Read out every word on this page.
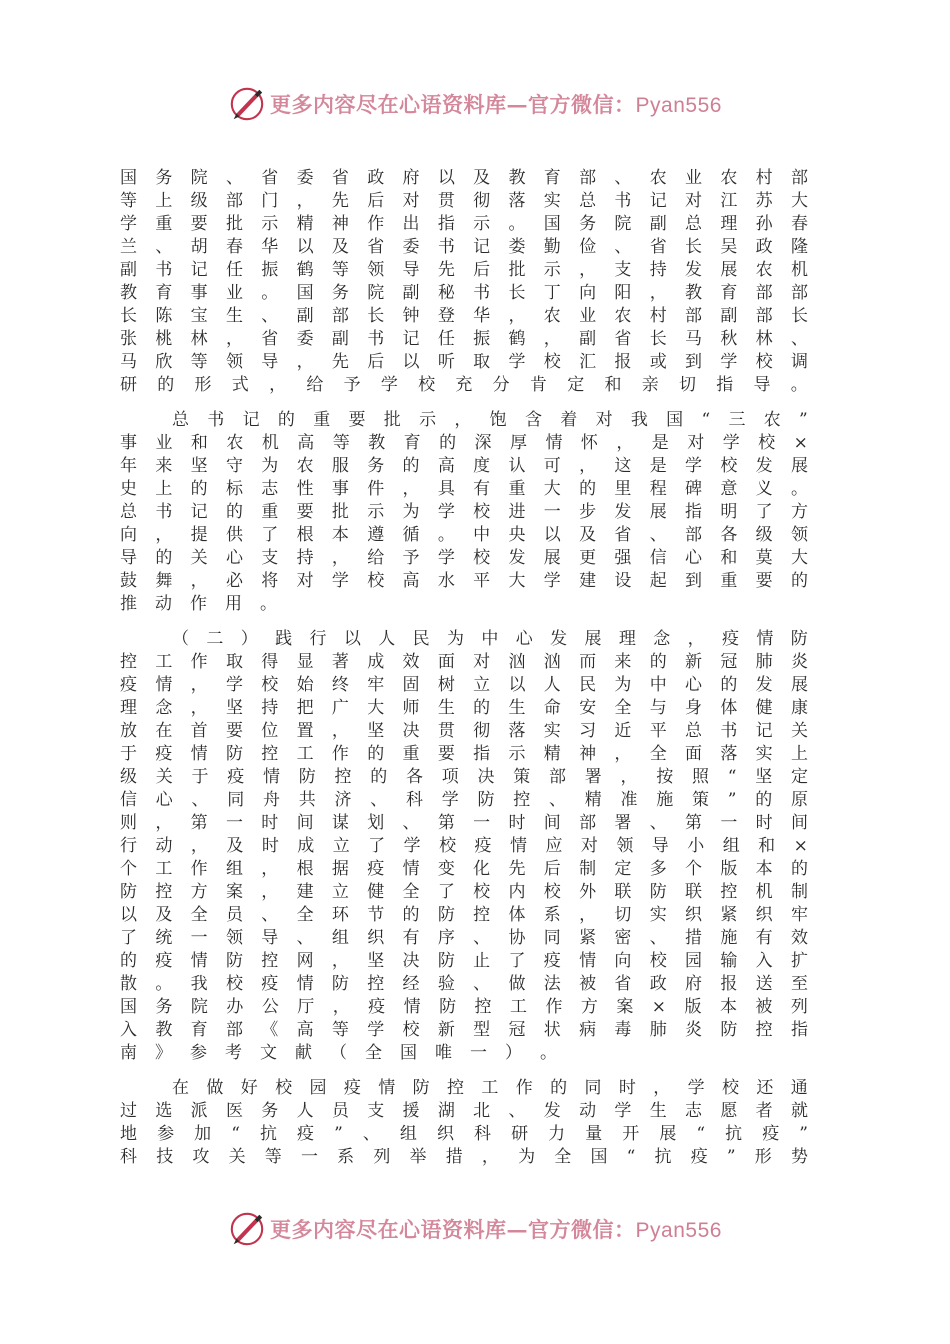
更多内容尽在心语资料库—官方微信：Pyan556
国 务 院 、 省 委 省 政 府 以 及 教 育 部 、 农 业 农 村 部
等 上 级 部 门 ， 先 后 对 贯 彻 落 实 总 书 记 对 江 苏 大
学 重 要 批 示 精 神 作 出 指 示 。 国 务 院 副 总 理 孙 春
兰 、 胡 春 华 以 及 省 委 书 记 娄 勤 俭 、 省 长 吴 政 隆
副 书 记 任 振 鹤 等 领 导 先 后 批 示 ， 支 持 发 展 农 机
教 育 事 业 。 国 务 院 副 秘 书 长 丁 向 阳 ， 教 育 部 部
长 陈 宝 生 、 副 部 长 钟 登 华 ， 农 业 农 村 部 副 部 长
张 桃 林 ， 省 委 副 书 记 任 振 鹤 ， 副 省 长 马 秋 林 、
马 欣 等 领 导 ， 先 后 以 听 取 学 校 汇 报 或 到 学 校 调
研 的 形 式 ， 给 予 学 校 充 分 肯 定 和 亲 切 指 导 。
总 书 记 的 重 要 批 示 ， 饱 含 着 对 我 国 “ 三 农 ”
事 业 和 农 机 高 等 教 育 的 深 厚 情 怀 ， 是 对 学 校 ×
年 来 坚 守 为 农 服 务 的 高 度 认 可 ， 这 是 学 校 发 展
史 上 的 标 志 性 事 件 ， 具 有 重 大 的 里 程 碑 意 义 。
总 书 记 的 重 要 批 示 为 学 校 进 一 步 发 展 指 明 了 方
向 ， 提 供 了 根 本 遵 循 。 中 央 以 及 省 、 部 各 级 领
导 的 关 心 支 持 ， 给 予 学 校 发 展 更 强 信 心 和 莫 大
鼓 舞 ， 必 将 对 学 校 高 水 平 大 学 建 设 起 到 重 要 的
推 动 作 用 。
（ 二 ） 践 行 以 人 民 为 中 心 发 展 理 念 ， 疫 情 防
控 工 作 取 得 显 著 成 效 面 对 汹 汹 而 来 的 新 冠 肺 炎
疫 情 ， 学 校 始 终 牢 固 树 立 以 人 民 为 中 心 的 发 展
理 念 ， 坚 持 把 广 大 师 生 的 生 命 安 全 与 身 体 健 康
放 在 首 要 位 置 ， 坚 决 贯 彻 落 实 习 近 平 总 书 记 关
于 疫 情 防 控 工 作 的 重 要 指 示 精 神 ， 全 面 落 实 上
级 关 于 疫 情 防 控 的 各 项 决 策 部 署 ， 按 照 “ 坚 定
信 心 、 同 舟 共 济 、 科 学 防 控 、 精 准 施 策 ” 的 原
则 ， 第 一 时 间 谋 划 、 第 一 时 间 部 署 、 第 一 时 间
行 动 ， 及 时 成 立 了 学 校 疫 情 应 对 领 导 小 组 和 ×
个 工 作 组 ， 根 据 疫 情 变 化 先 后 制 定 多 个 版 本 的
防 控 方 案 ， 建 立 健 全 了 校 内 校 外 联 防 联 控 机 制
以 及 全 员 、 全 环 节 的 防 控 体 系 ， 切 实 织 紧 织 牢
了 统 一 领 导 、 组 织 有 序 、 协 同 紧 密 、 措 施 有 效
的 疫 情 防 控 网 ， 坚 决 防 止 了 疫 情 向 校 园 输 入 扩
散 。 我 校 疫 情 防 控 经 验 、 做 法 被 省 政 府 报 送 至
国 务 院 办 公 厅 ， 疫 情 防 控 工 作 方 案 × 版 本 被 列
入 教 育 部 《 高 等 学 校 新 型 冠 状 病 毒 肺 炎 防 控 指
南 》 参 考 文 献 （ 全 国 唯 一 ） 。
在 做 好 校 园 疫 情 防 控 工 作 的 同 时 ， 学 校 还 通
过 选 派 医 务 人 员 支 援 湖 北 、 发 动 学 生 志 愿 者 就
地 参 加 “ 抗 疫 ” 、 组 织 科 研 力 量 开 展 “ 抗 疫 ”
科 技 攻 关 等 一 系 列 举 措 ， 为 全 国 “ 抗 疫 ” 形 势
更多内容尽在心语资料库—官方微信：Pyan556
